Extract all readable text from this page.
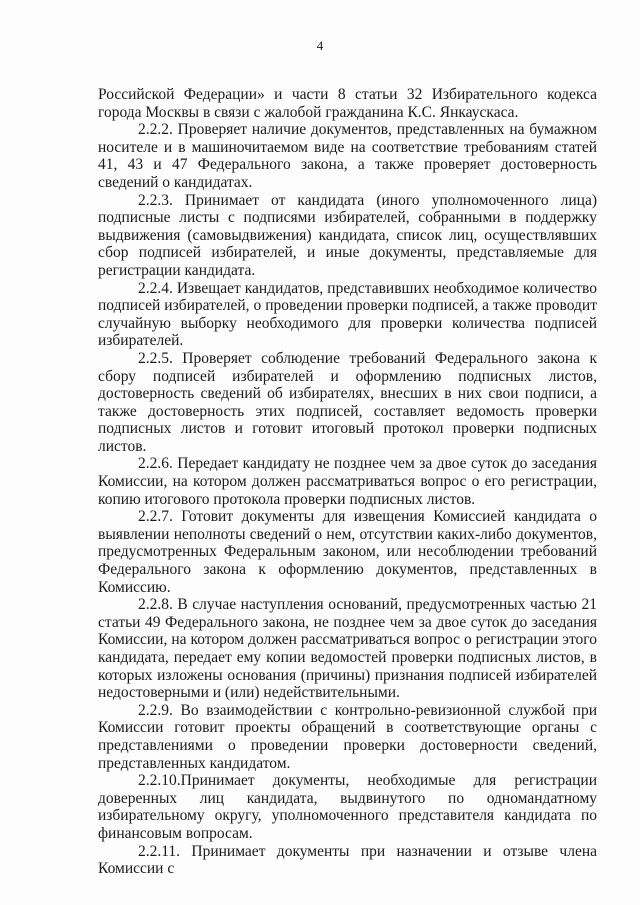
4

Российской Федерации» и части 8 статьи 32 Избирательного кодекса города Москвы в связи с жалобой гражданина К.С. Янкаускаса.

2.2.2. Проверяет наличие документов, представленных на бумажном носителе и в машиночитаемом виде на соответствие требованиям статей 41, 43 и 47 Федерального закона, а также проверяет достоверность сведений о кандидатах.

2.2.3. Принимает от кандидата (иного уполномоченного лица) подписные листы с подписями избирателей, собранными в поддержку выдвижения (самовыдвижения) кандидата, список лиц, осуществлявших сбор подписей избирателей, и иные документы, представляемые для регистрации кандидата.

2.2.4. Извещает кандидатов, представивших необходимое количество подписей избирателей, о проведении проверки подписей, а также проводит случайную выборку необходимого для проверки количества подписей избирателей.

2.2.5. Проверяет соблюдение требований Федерального закона к сбору подписей избирателей и оформлению подписных листов, достоверность сведений об избирателях, внесших в них свои подписи, а также достоверность этих подписей, составляет ведомость проверки подписных листов и готовит итоговый протокол проверки подписных листов.

2.2.6. Передает кандидату не позднее чем за двое суток до заседания Комиссии, на котором должен рассматриваться вопрос о его регистрации, копию итогового протокола проверки подписных листов.

2.2.7. Готовит документы для извещения Комиссией кандидата о выявлении неполноты сведений о нем, отсутствии каких-либо документов, предусмотренных Федеральным законом, или несоблюдении требований Федерального закона к оформлению документов, представленных в Комиссию.

2.2.8. В случае наступления оснований, предусмотренных частью 21 статьи 49 Федерального закона, не позднее чем за двое суток до заседания Комиссии, на котором должен рассматриваться вопрос о регистрации этого кандидата, передает ему копии ведомостей проверки подписных листов, в которых изложены основания (причины) признания подписей избирателей недостоверными и (или) недействительными.

2.2.9. Во взаимодействии с контрольно-ревизионной службой при Комиссии готовит проекты обращений в соответствующие органы с представлениями о проведении проверки достоверности сведений, представленных кандидатом.

2.2.10.Принимает документы, необходимые для регистрации доверенных лиц кандидата, выдвинутого по одномандатному избирательному округу, уполномоченного представителя кандидата по финансовым вопросам.

2.2.11. Принимает документы при назначении и отзыве члена Комиссии с
